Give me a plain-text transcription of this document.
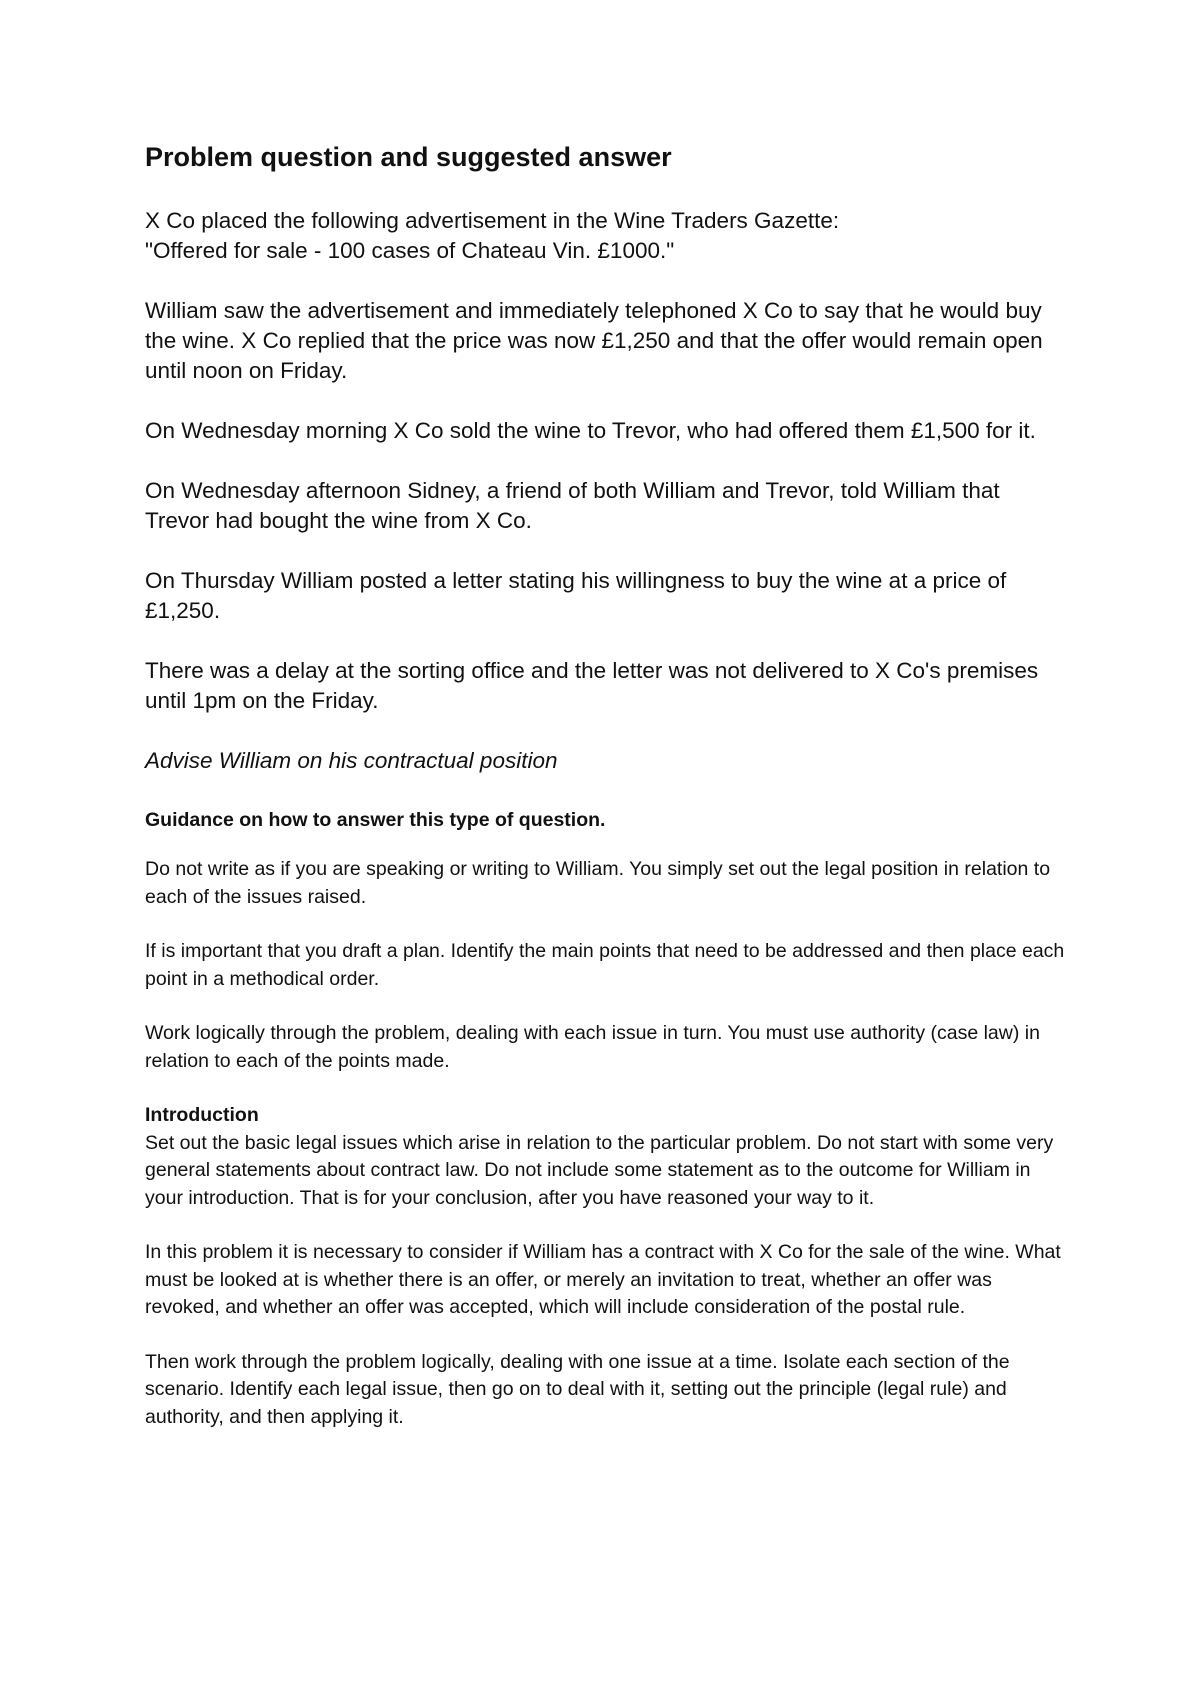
Problem question and suggested answer

X Co placed the following advertisement in the Wine Traders Gazette:
"Offered for sale - 100 cases of Chateau Vin. £1000."

William saw the advertisement and immediately telephoned X Co to say that he would buy the wine. X Co replied that the price was now £1,250 and that the offer would remain open until noon on Friday.

On Wednesday morning X Co sold the wine to Trevor, who had offered them £1,500 for it.

On Wednesday afternoon Sidney, a friend of both William and Trevor, told William that Trevor had bought the wine from X Co.

On Thursday William posted a letter stating his willingness to buy the wine at a price of £1,250.

There was a delay at the sorting office and the letter was not delivered to X Co's premises until 1pm on the Friday.

Advise William on his contractual position

Guidance on how to answer this type of question.

Do not write as if you are speaking or writing to William. You simply set out the legal position in relation to each of the issues raised.

If is important that you draft a plan. Identify the main points that need to be addressed and then place each point in a methodical order.

Work logically through the problem, dealing with each issue in turn. You must use authority (case law) in relation to each of the points made.

Introduction

Set out the basic legal issues which arise in relation to the particular problem. Do not start with some very general statements about contract law. Do not include some statement as to the outcome for William in your introduction. That is for your conclusion, after you have reasoned your way to it.

In this problem it is necessary to consider if William has a contract with X Co for the sale of the wine. What must be looked at is whether there is an offer, or merely an invitation to treat, whether an offer was revoked, and whether an offer was accepted, which will include consideration of the postal rule.

Then work through the problem logically, dealing with one issue at a time. Isolate each section of the scenario. Identify each legal issue, then go on to deal with it, setting out the principle (legal rule) and authority, and then applying it.
